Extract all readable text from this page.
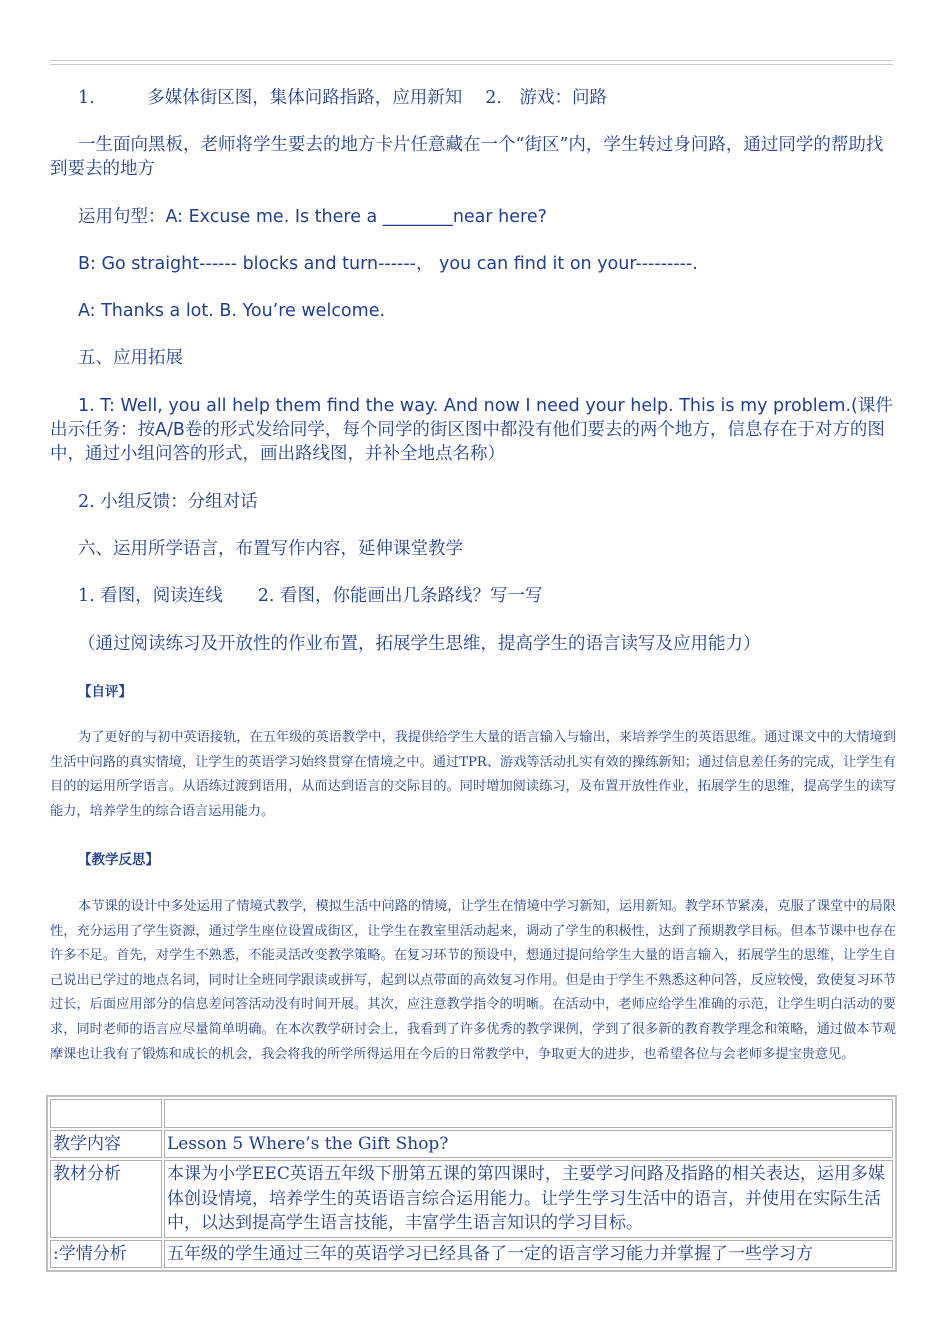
1.　　　多媒体街区图，集体问路指路，应用新知　 2.　游戏：问路
一生面向黑板，老师将学生要去的地方卡片任意藏在一个“街区”内，学生转过身问路，通过同学的帮助找到要去的地方
运用句型：A: Excuse me. Is there a ________near here?
B: Go straight------ blocks and turn------， you can find it on your---------.
A: Thanks a lot. B. You’re welcome.
五、应用拓展
1. T: Well, you all help them find the way. And now I need your help. This is my problem.(课件出示任务：按A/B卷的形式发给同学，每个同学的街区图中都没有他们要去的两个地方，信息存在于对方的图中，通过小组问答的形式，画出路线图，并补全地点名称）
2. 小组反馈：分组对话
六、运用所学语言，布置写作内容，延伸课堂教学
1. 看图，阅读连线　　2. 看图，你能画出几条路线？写一写
（通过阅读练习及开放性的作业布置，拓展学生思维，提高学生的语言读写及应用能力）
【自评】
为了更好的与初中英语接轨，在五年级的英语教学中，我提供给学生大量的语言输入与输出，来培养学生的英语思维。通过课文中的大情境到生活中问路的真实情境，让学生的英语学习始终贯穿在情境之中。通过TPR、游戏等活动扎实有效的操练新知；通过信息差任务的完成，让学生有目的的运用所学语言。从语练过渡到语用，从而达到语言的交际目的。同时增加阅读练习，及布置开放性作业，拓展学生的思维，提高学生的读写能力，培养学生的综合语言运用能力。
【教学反思】
本节课的设计中多处运用了情境式教学，模拟生活中问路的情境，让学生在情境中学习新知，运用新知。教学环节紧凑，克服了课堂中的局限性，充分运用了学生资源，通过学生座位设置成街区，让学生在教室里活动起来，调动了学生的积极性，达到了预期教学目标。但本节课中也存在许多不足。首先，对学生不熟悉，不能灵活改变教学策略。在复习环节的预设中，想通过提问给学生大量的语言输入，拓展学生的思维，让学生自己说出已学过的地点名词，同时让全班同学跟读或拼写，起到以点带面的高效复习作用。但是由于学生不熟悉这种问答，反应较慢，致使复习环节过长，后面应用部分的信息差问答活动没有时间开展。其次，应注意教学指令的明晰。在活动中，老师应给学生准确的示范，让学生明白活动的要求，同时老师的语言应尽量简单明确。在本次教学研讨会上，我看到了许多优秀的教学课例，学到了很多新的教育教学理念和策略，通过做本节观摩课也让我有了锻炼和成长的机会，我会将我的所学所得运用在今后的日常教学中，争取更大的进步，也希望各位与会老师多提宝贵意见。

教学内容	Lesson 5 Where’s the Gift Shop?
教材分析	本课为小学EEC英语五年级下册第五课的第四课时，主要学习问路及指路的相关表达，运用多媒体创设情境，培养学生的英语语言综合运用能力。让学生学习生活中的语言，并使用在实际生活中，以达到提高学生语言技能，丰富学生语言知识的学习目标。
:学情分析	五年级的学生通过三年的英语学习已经具备了一定的语言学习能力并掌握了一些学习方
